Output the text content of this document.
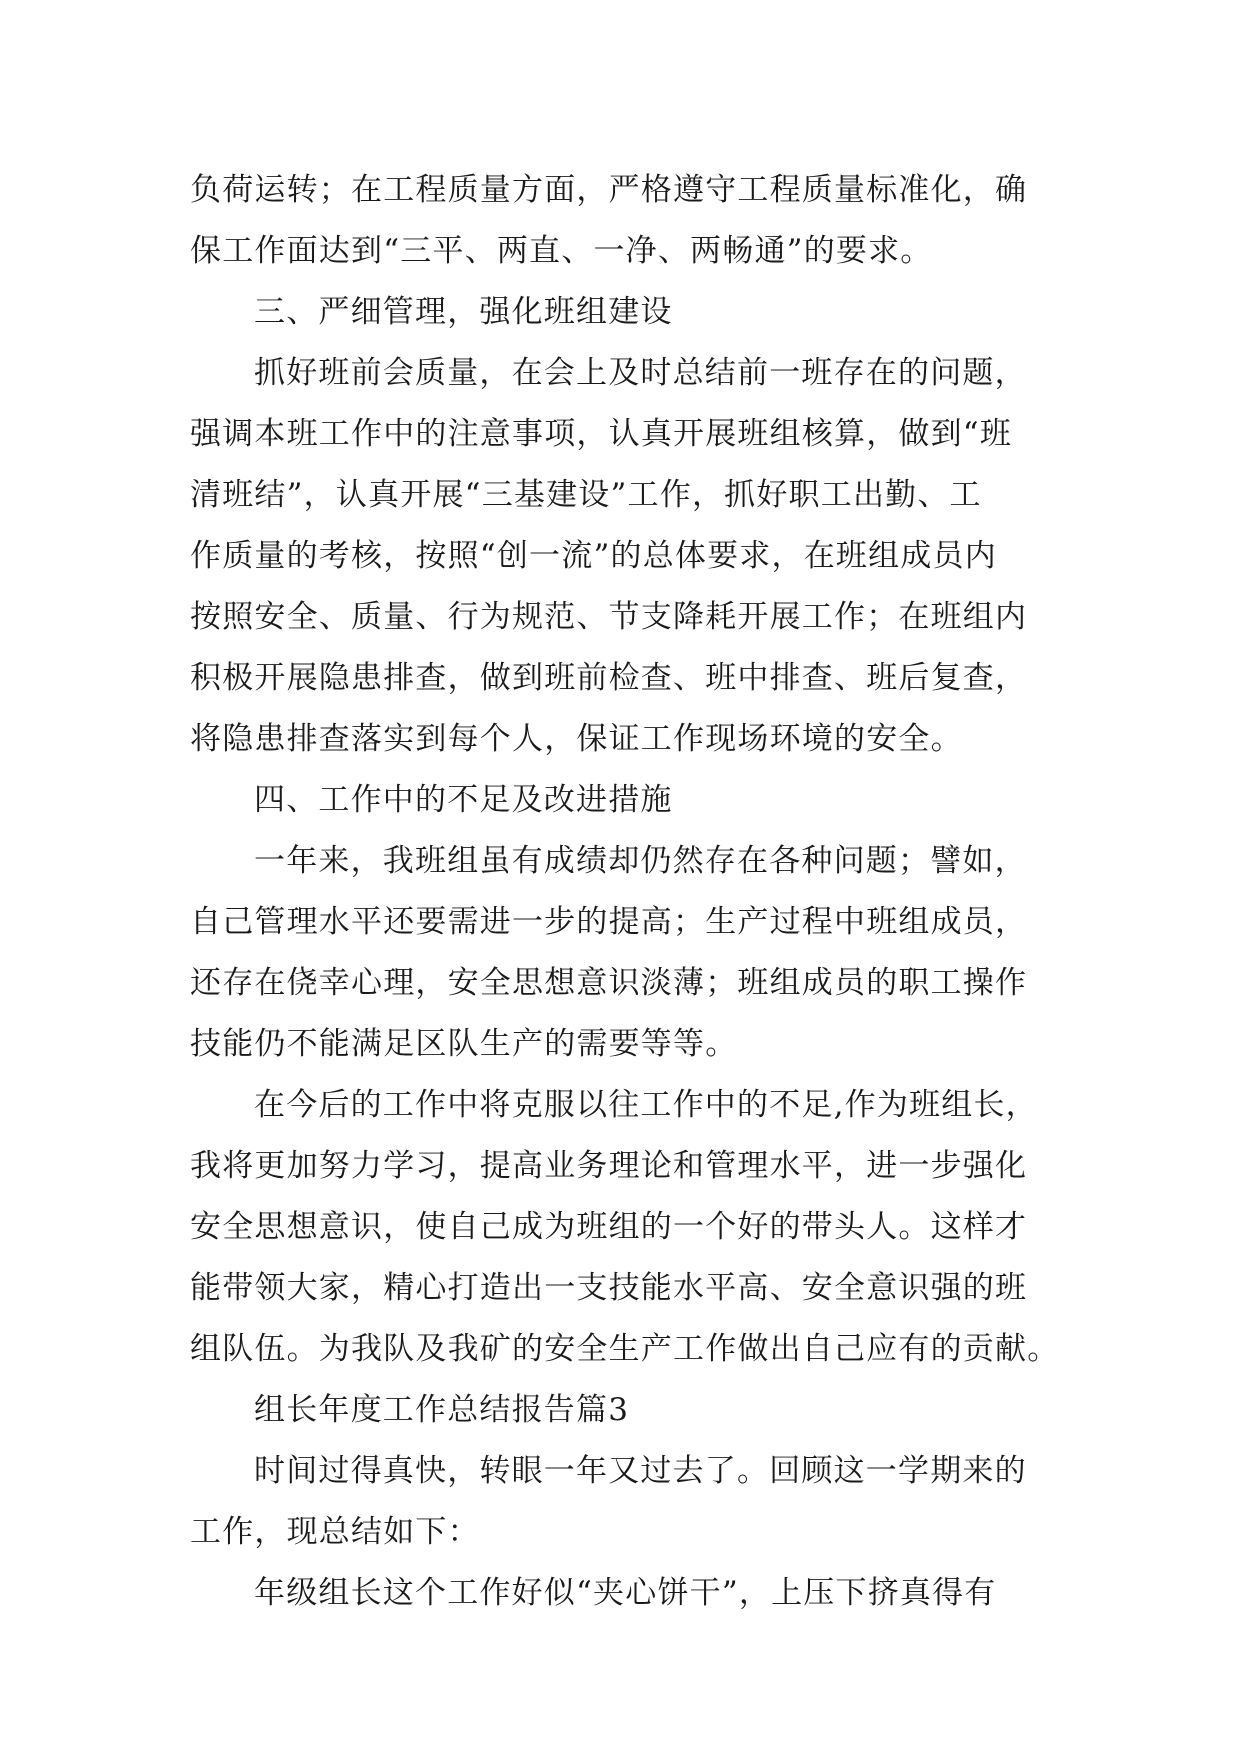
负荷运转；在工程质量方面，严格遵守工程质量标准化，确
保工作面达到“三平、两直、一净、两畅通”的要求。
三、严细管理，强化班组建设
抓好班前会质量，在会上及时总结前一班存在的问题，
强调本班工作中的注意事项，认真开展班组核算，做到“班
清班结”，认真开展“三基建设”工作，抓好职工出勤、工
作质量的考核，按照“创一流”的总体要求，在班组成员内
按照安全、质量、行为规范、节支降耗开展工作；在班组内
积极开展隐患排查，做到班前检查、班中排查、班后复查，
将隐患排查落实到每个人，保证工作现场环境的安全。
四、工作中的不足及改进措施
一年来，我班组虽有成绩却仍然存在各种问题；譬如，
自己管理水平还要需进一步的提高；生产过程中班组成员，
还存在侥幸心理，安全思想意识淡薄；班组成员的职工操作
技能仍不能满足区队生产的需要等等。
在今后的工作中将克服以往工作中的不足,作为班组长，
我将更加努力学习，提高业务理论和管理水平，进一步强化
安全思想意识，使自己成为班组的一个好的带头人。这样才
能带领大家，精心打造出一支技能水平高、安全意识强的班
组队伍。为我队及我矿的安全生产工作做出自己应有的贡献。
组长年度工作总结报告篇3
时间过得真快，转眼一年又过去了。回顾这一学期来的
工作，现总结如下：
年级组长这个工作好似“夹心饼干”，上压下挤真得有
